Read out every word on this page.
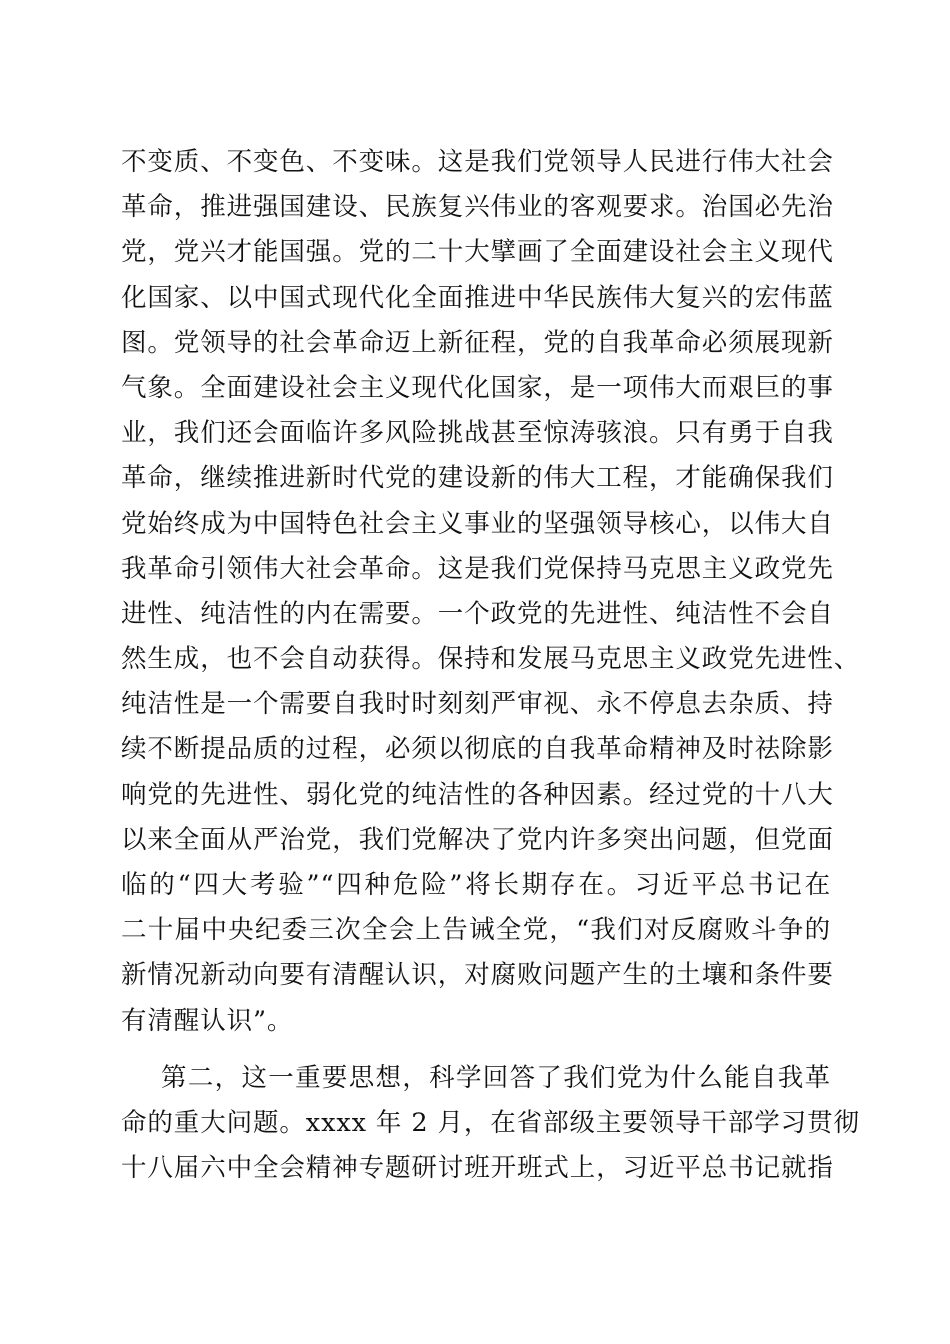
不变质、不变色、不变味。这是我们党领导人民进行伟大社会
革命，推进强国建设、民族复兴伟业的客观要求。治国必先治
党，党兴才能国强。党的二十大擘画了全面建设社会主义现代
化国家、以中国式现代化全面推进中华民族伟大复兴的宏伟蓝
图。党领导的社会革命迈上新征程，党的自我革命必须展现新
气象。全面建设社会主义现代化国家，是一项伟大而艰巨的事
业，我们还会面临许多风险挑战甚至惊涛骇浪。只有勇于自我
革命，继续推进新时代党的建设新的伟大工程，才能确保我们
党始终成为中国特色社会主义事业的坚强领导核心，以伟大自
我革命引领伟大社会革命。这是我们党保持马克思主义政党先
进性、纯洁性的内在需要。一个政党的先进性、纯洁性不会自
然生成，也不会自动获得。保持和发展马克思主义政党先进性、
纯洁性是一个需要自我时时刻刻严审视、永不停息去杂质、持
续不断提品质的过程，必须以彻底的自我革命精神及时祛除影
响党的先进性、弱化党的纯洁性的各种因素。经过党的十八大
以来全面从严治党，我们党解决了党内许多突出问题，但党面
临的“四大考验”“四种危险”将长期存在。习近平总书记在
二十届中央纪委三次全会上告诫全党，“我们对反腐败斗争的
新情况新动向要有清醒认识，对腐败问题产生的土壤和条件要
有清醒认识”。
第二，这一重要思想，科学回答了我们党为什么能自我革
命的重大问题。xxxx 年 2 月，在省部级主要领导干部学习贯彻
十八届六中全会精神专题研讨班开班式上，习近平总书记就指
